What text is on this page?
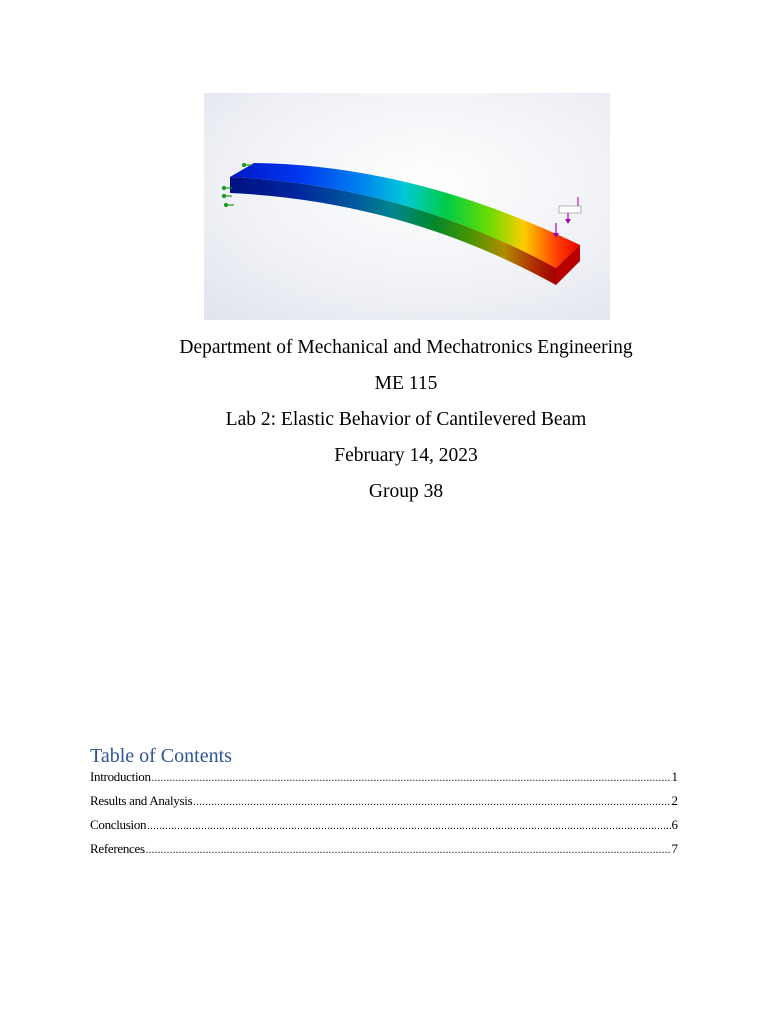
Department of Mechanical and Mechatronics Engineering
ME 115
Lab 2: Elastic Behavior of Cantilevered Beam
February 14, 2023
Group 38
Table of Contents
Introduction .....	1
Results and Analysis .....	2
Conclusion .....	6
References .....	7
